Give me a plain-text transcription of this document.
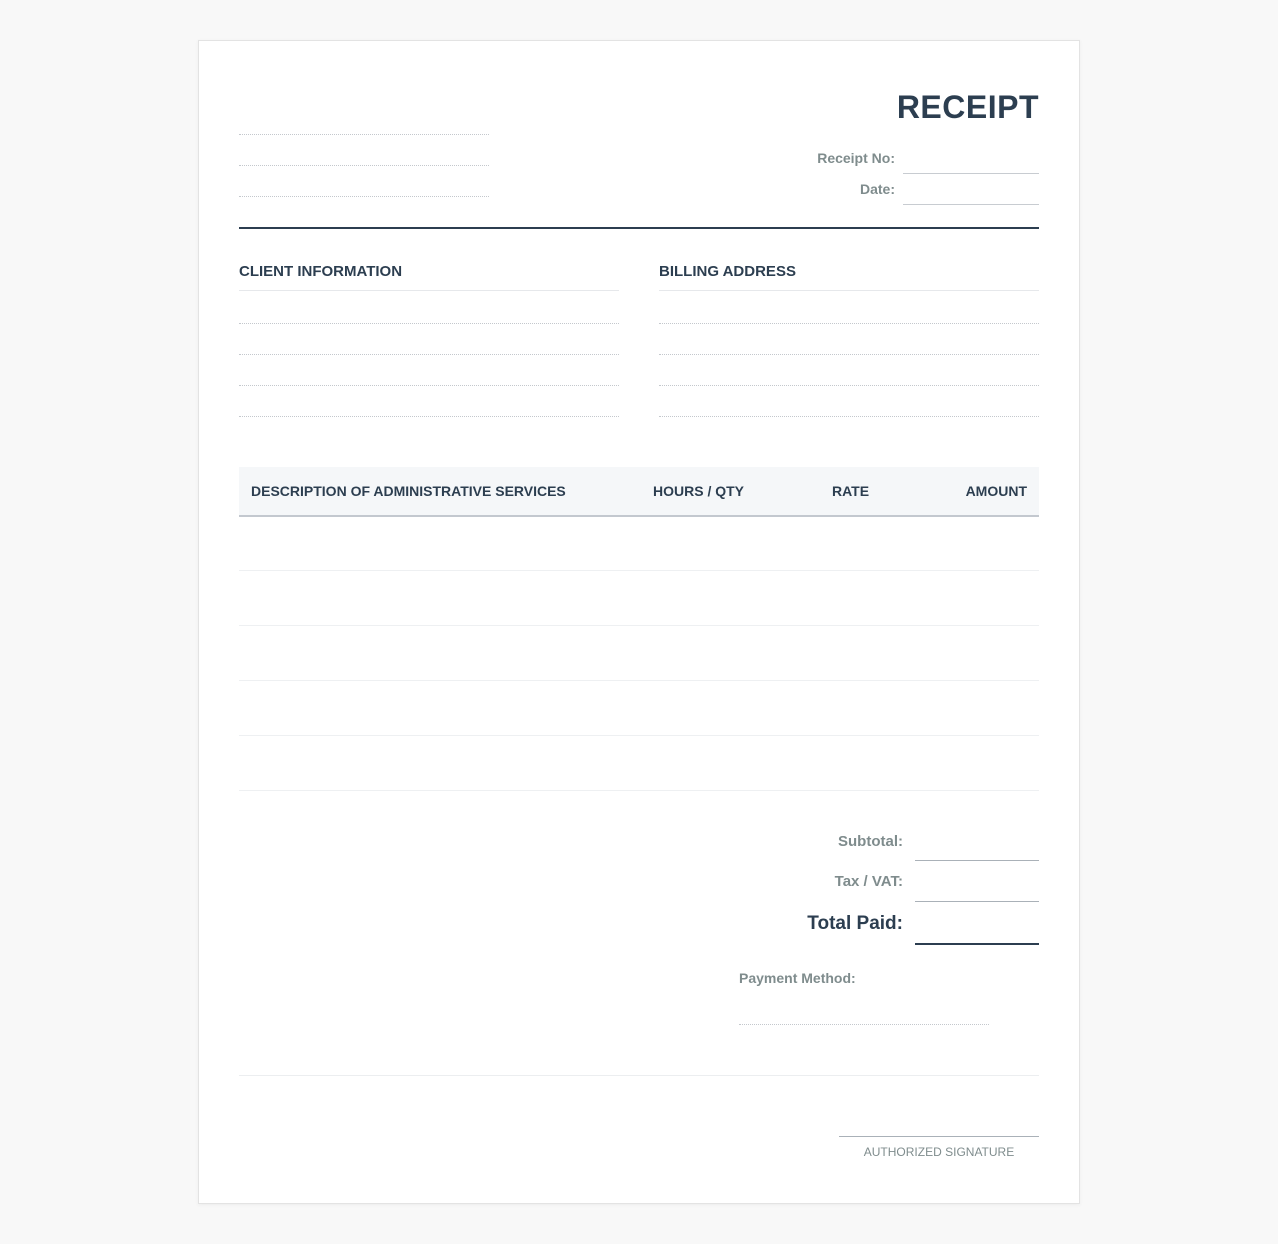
RECEIPT
Receipt No:
Date:
CLIENT INFORMATION	BILLING ADDRESS
DESCRIPTION OF ADMINISTRATIVE SERVICES	HOURS / QTY	RATE	AMOUNT
Subtotal:
Tax / VAT:
Total Paid:
Payment Method:
AUTHORIZED SIGNATURE
